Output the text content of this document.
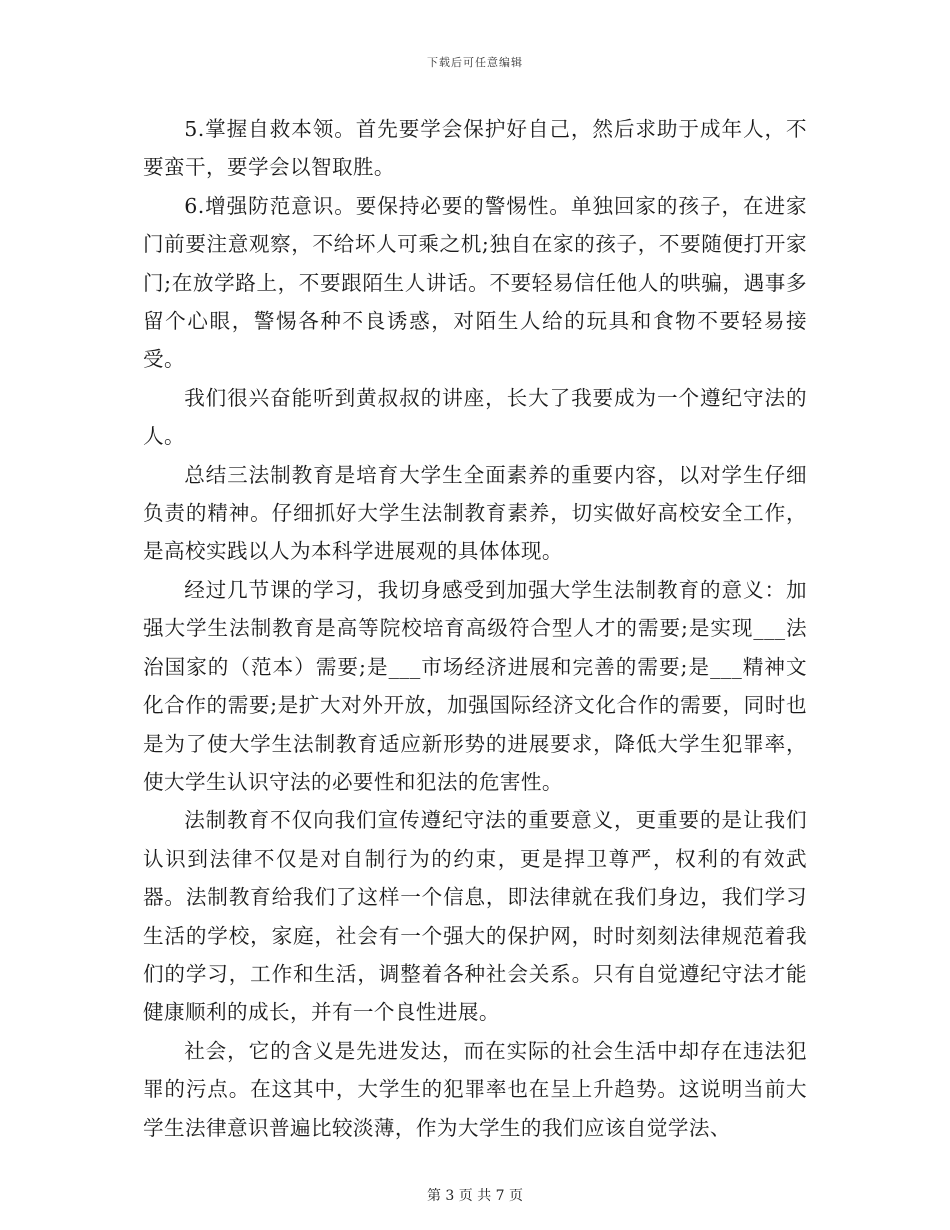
下载后可任意编辑

5.掌握自救本领。首先要学会保护好自己，然后求助于成年人，不要蛮干，要学会以智取胜。

6.增强防范意识。要保持必要的警惕性。单独回家的孩子，在进家门前要注意观察，不给坏人可乘之机;独自在家的孩子，不要随便打开家门;在放学路上，不要跟陌生人讲话。不要轻易信任他人的哄骗，遇事多留个心眼，警惕各种不良诱惑，对陌生人给的玩具和食物不要轻易接受。

我们很兴奋能听到黄叔叔的讲座，长大了我要成为一个遵纪守法的人。

总结三法制教育是培育大学生全面素养的重要内容，以对学生仔细负责的精神。仔细抓好大学生法制教育素养，切实做好高校安全工作，是高校实践以人为本科学进展观的具体体现。

经过几节课的学习，我切身感受到加强大学生法制教育的意义：加强大学生法制教育是高等院校培育高级符合型人才的需要;是实现___法治国家的（范本）需要;是___市场经济进展和完善的需要;是___精神文化合作的需要;是扩大对外开放，加强国际经济文化合作的需要，同时也是为了使大学生法制教育适应新形势的进展要求，降低大学生犯罪率，使大学生认识守法的必要性和犯法的危害性。

法制教育不仅向我们宣传遵纪守法的重要意义，更重要的是让我们认识到法律不仅是对自制行为的约束，更是捍卫尊严，权利的有效武器。法制教育给我们了这样一个信息，即法律就在我们身边，我们学习生活的学校，家庭，社会有一个强大的保护网，时时刻刻法律规范着我们的学习，工作和生活，调整着各种社会关系。只有自觉遵纪守法才能健康顺利的成长，并有一个良性进展。

社会，它的含义是先进发达，而在实际的社会生活中却存在违法犯罪的污点。在这其中，大学生的犯罪率也在呈上升趋势。这说明当前大学生法律意识普遍比较淡薄，作为大学生的我们应该自觉学法、

第 3 页 共 7 页
